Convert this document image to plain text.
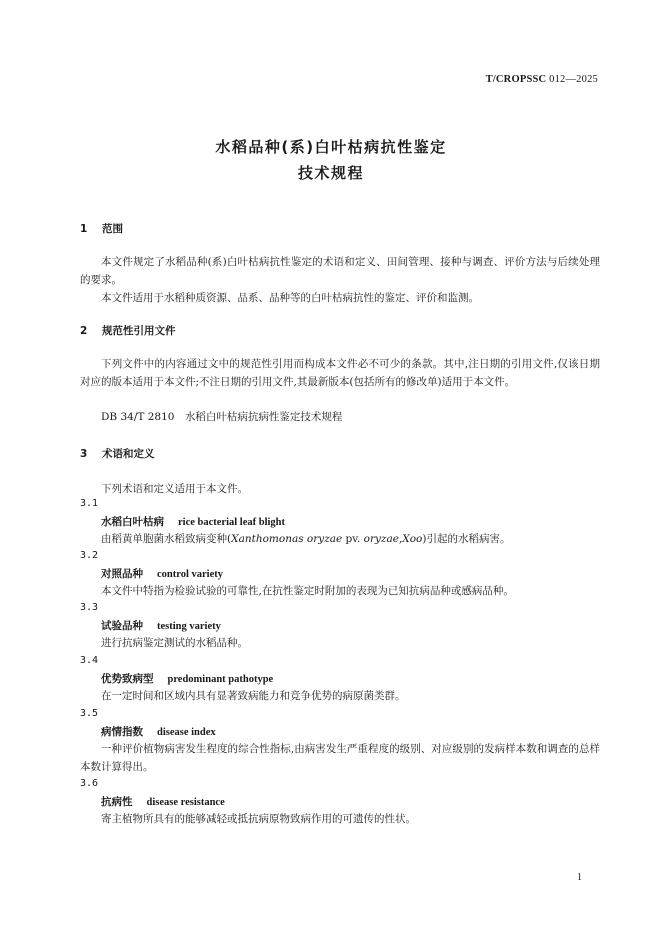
T/CROPSSC 012—2025
水稻品种(系)白叶枯病抗性鉴定
技术规程
1 范围

本文件规定了水稻品种(系)白叶枯病抗性鉴定的术语和定义、田间管理、接种与调查、评价方法与后续处理的要求。

本文件适用于水稻种质资源、品系、品种等的白叶枯病抗性的鉴定、评价和监测。

2 规范性引用文件

下列文件中的内容通过文中的规范性引用而构成本文件必不可少的条款。其中,注日期的引用文件,仅该日期对应的版本适用于本文件;不注日期的引用文件,其最新版本(包括所有的修改单)适用于本文件。

DB 34/T 2810　水稻白叶枯病抗病性鉴定技术规程
3 术语和定义
下列术语和定义适用于本文件。
3.1
水稻白叶枯病 rice bacterial leaf blight

由稻黄单胞菌水稻致病变种(Xanthomonas oryzae pv. oryzae,Xoo)引起的水稻病害。

3.2
对照品种 control variety

本文件中特指为检验试验的可靠性,在抗性鉴定时附加的表现为已知抗病品种或感病品种。

3.3
试验品种 testing variety

进行抗病鉴定测试的水稻品种。

3.4
优势致病型 predominant pathotype

在一定时间和区域内具有显著致病能力和竞争优势的病原菌类群。

3.5
病情指数 disease index

一种评价植物病害发生程度的综合性指标,由病害发生严重程度的级别、对应级别的发病样本数和调查的总样本数计算得出。

3.6
抗病性 disease resistance

寄主植物所具有的能够减轻或抵抗病原物致病作用的可遗传的性状。

1
